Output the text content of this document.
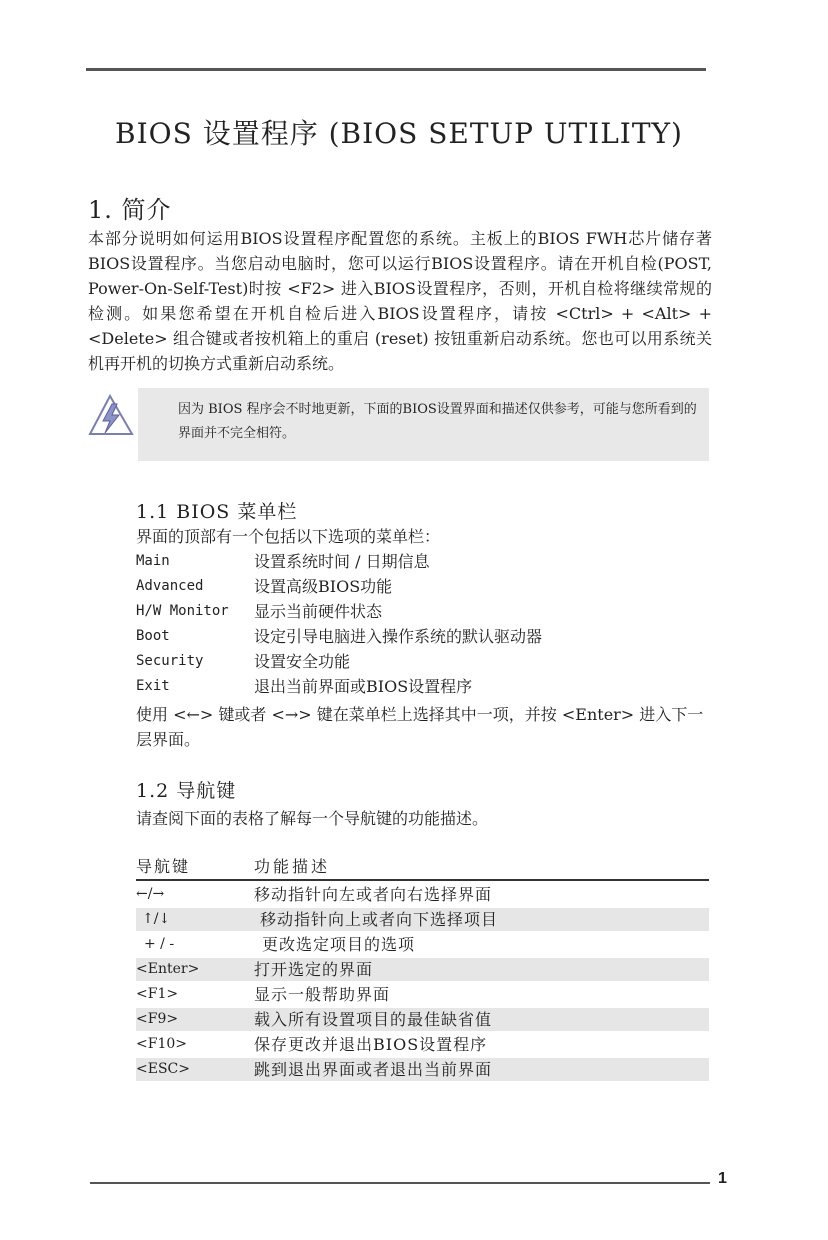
BIOS 设置程序 (BIOS SETUP UTILITY)
1. 简介
本部分说明如何运用BIOS设置程序配置您的系统。主板上的BIOS FWH芯片储存著BIOS设置程序。当您启动电脑时，您可以运行BIOS设置程序。请在开机自检(POST, Power-On-Self-Test)时按 <F2> 进入BIOS设置程序，否则，开机自检将继续常规的检测。如果您希望在开机自检后进入BIOS设置程序，请按 <Ctrl> + <Alt> + <Delete> 组合键或者按机箱上的重启 (reset) 按钮重新启动系统。您也可以用系统关机再开机的切换方式重新启动系统。
因为 BIOS 程序会不时地更新，下面的BIOS设置界面和描述仅供参考，可能与您所看到的界面并不完全相符。
1.1 BIOS 菜单栏
界面的顶部有一个包括以下选项的菜单栏：
Main	设置系统时间 / 日期信息
Advanced	设置高级BIOS功能
H/W Monitor	显示当前硬件状态
Boot	设定引导电脑进入操作系统的默认驱动器
Security	设置安全功能
Exit	退出当前界面或BIOS设置程序
使用 <←> 键或者 <→> 键在菜单栏上选择其中一项，并按 <Enter> 进入下一层界面。
1.2 导航键
请查阅下面的表格了解每一个导航键的功能描述。
导航键	功能描述
←/→	移动指针向左或者向右选择界面
↑/↓	移动指针向上或者向下选择项目
+ / -	更改选定项目的选项
<Enter>	打开选定的界面
<F1>	显示一般帮助界面
<F9>	载入所有设置项目的最佳缺省值
<F10>	保存更改并退出BIOS设置程序
<ESC>	跳到退出界面或者退出当前界面
1
